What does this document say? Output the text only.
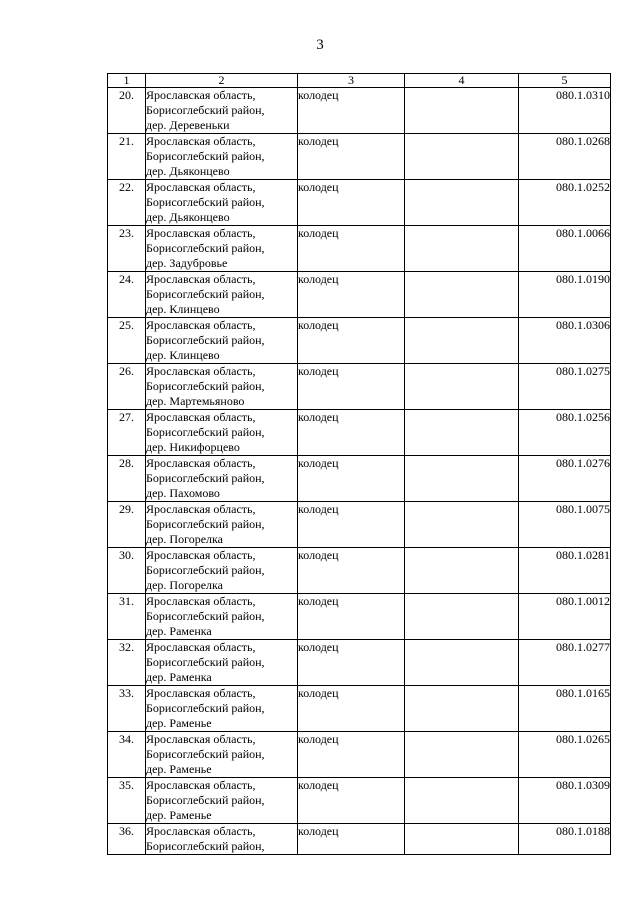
3
1	2	3	4	5
20.	Ярославская область,
Борисоглебский район,
дер. Деревеньки	колодец		080.1.0310
21.	Ярославская область,
Борисоглебский район,
дер. Дьяконцево	колодец		080.1.0268
22.	Ярославская область,
Борисоглебский район,
дер. Дьяконцево	колодец		080.1.0252
23.	Ярославская область,
Борисоглебский район,
дер. Задубровье	колодец		080.1.0066
24.	Ярославская область,
Борисоглебский район,
дер. Клинцево	колодец		080.1.0190
25.	Ярославская область,
Борисоглебский район,
дер. Клинцево	колодец		080.1.0306
26.	Ярославская область,
Борисоглебский район,
дер. Мартемьяново	колодец		080.1.0275
27.	Ярославская область,
Борисоглебский район,
дер. Никифорцево	колодец		080.1.0256
28.	Ярославская область,
Борисоглебский район,
дер. Пахомово	колодец		080.1.0276
29.	Ярославская область,
Борисоглебский район,
дер. Погорелка	колодец		080.1.0075
30.	Ярославская область,
Борисоглебский район,
дер. Погорелка	колодец		080.1.0281
31.	Ярославская область,
Борисоглебский район,
дер. Раменка	колодец		080.1.0012
32.	Ярославская область,
Борисоглебский район,
дер. Раменка	колодец		080.1.0277
33.	Ярославская область,
Борисоглебский район,
дер. Раменье	колодец		080.1.0165
34.	Ярославская область,
Борисоглебский район,
дер. Раменье	колодец		080.1.0265
35.	Ярославская область,
Борисоглебский район,
дер. Раменье	колодец		080.1.0309
36.	Ярославская область,
Борисоглебский район,	колодец		080.1.0188
